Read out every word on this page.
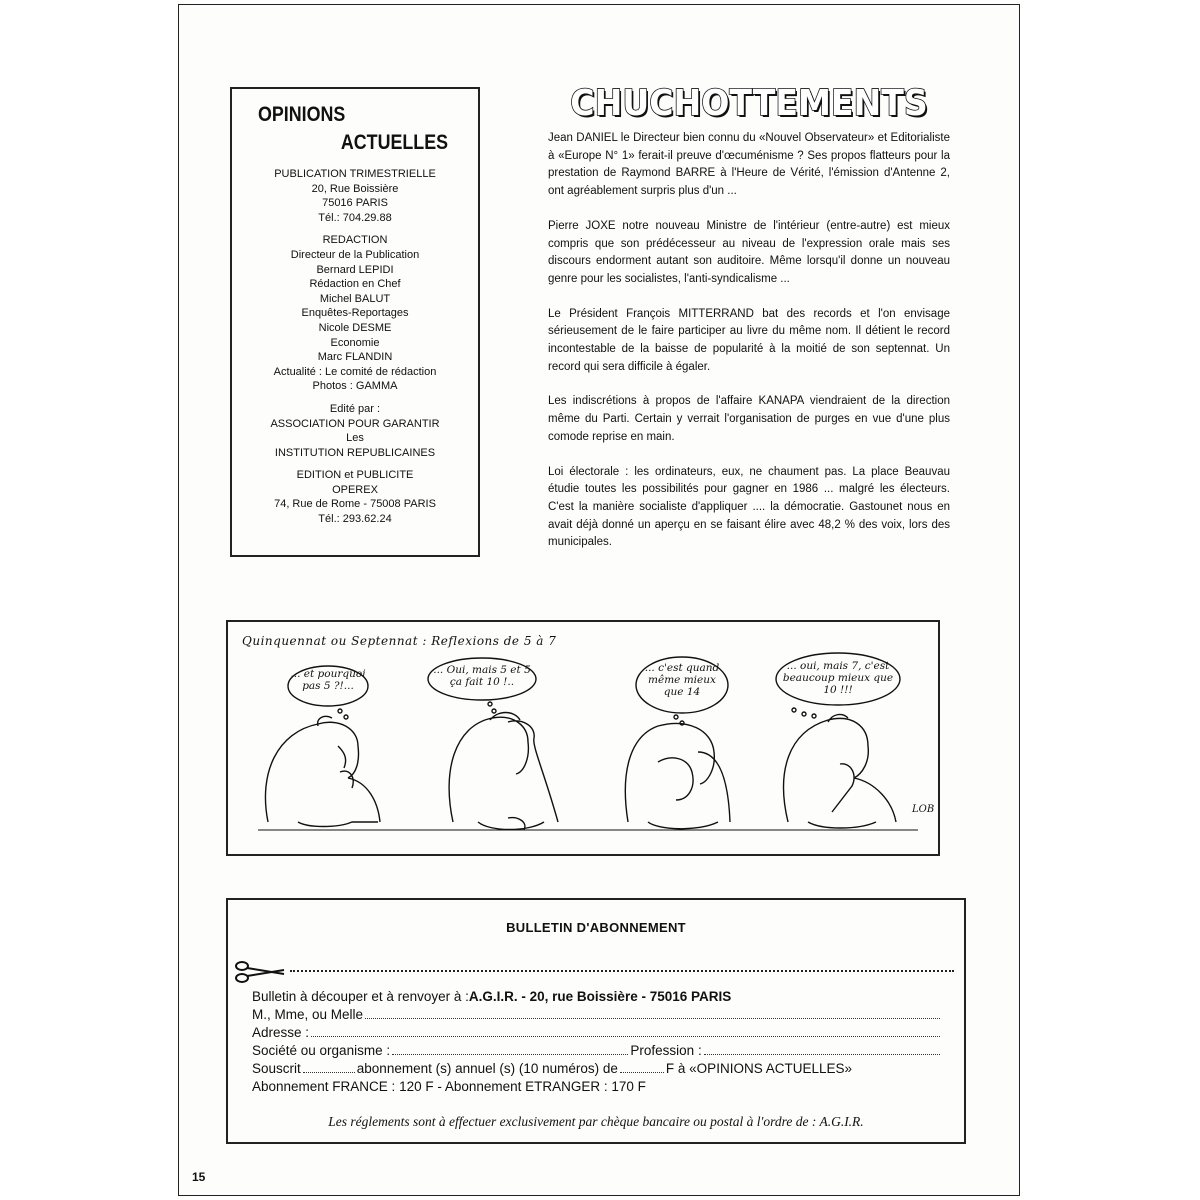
OPINIONS
ACTUELLES
PUBLICATION TRIMESTRIELLE
20, Rue Boissière
75016 PARIS
Tél.: 704.29.88
REDACTION
Directeur de la Publication
Bernard LEPIDI
Rédaction en Chef
Michel BALUT
Enquêtes-Reportages
Nicole DESME
Economie
Marc FLANDIN
Actualité : Le comité de rédaction
Photos : GAMMA
Edité par :
ASSOCIATION POUR GARANTIR
Les
INSTITUTION REPUBLICAINES
EDITION et PUBLICITE
OPEREX
74, Rue de Rome - 75008 PARIS
Tél.: 293.62.24
CHUCHOTTEMENTS

Jean DANIEL le Directeur bien connu du «Nouvel Observateur» et Editorialiste à «Europe N° 1» ferait-il preuve d'œcuménisme ? Ses propos flatteurs pour la prestation de Raymond BARRE à l'Heure de Vérité, l'émission d'Antenne 2, ont agréablement surpris plus d'un ...

Pierre JOXE notre nouveau Ministre de l'intérieur (entre-autre) est mieux compris que son prédécesseur au niveau de l'expression orale mais ses discours endorment autant son auditoire. Même lorsqu'il donne un nouveau genre pour les socialistes, l'anti-syndicalisme ...

Le Président François MITTERRAND bat des records et l'on envisage sérieusement de le faire participer au livre du même nom. Il détient le record incontestable de la baisse de popularité à la moitié de son septennat. Un record qui sera difficile à égaler.

Les indiscrétions à propos de l'affaire KANAPA viendraient de la direction même du Parti. Certain y verrait l'organisation de purges en vue d'une plus comode reprise en main.

Loi électorale : les ordinateurs, eux, ne chaument pas. La place Beauvau étudie toutes les possibilités pour gagner en 1986 ... malgré les électeurs. C'est la manière socialiste d'appliquer .... la démocratie. Gastounet nous en avait déjà donné un aperçu en se faisant élire avec 48,2 % des voix, lors des municipales.

Quinquennat ou Septennat : Reflexions de 5 à 7
... et pourquoi pas 5 ?!...
... Oui, mais 5 et 5 ça fait 10 !..
... c'est quand même mieux que 14
... oui, mais 7, c'est beaucoup mieux que 10 !!!
LOB
BULLETIN D'ABONNEMENT
Bulletin à découper et à renvoyer à : A.G.I.R. - 20, rue Boissière - 75016 PARIS
M., Mme, ou Melle
Adresse :
Société ou organisme :	Profession :
Souscrit	abonnement (s) annuel (s) (10 numéros) de	F à «OPINIONS ACTUELLES»
Abonnement FRANCE : 120 F - Abonnement ETRANGER : 170 F
Les réglements sont à effectuer exclusivement par chèque bancaire ou postal à l'ordre de : A.G.I.R.
15
